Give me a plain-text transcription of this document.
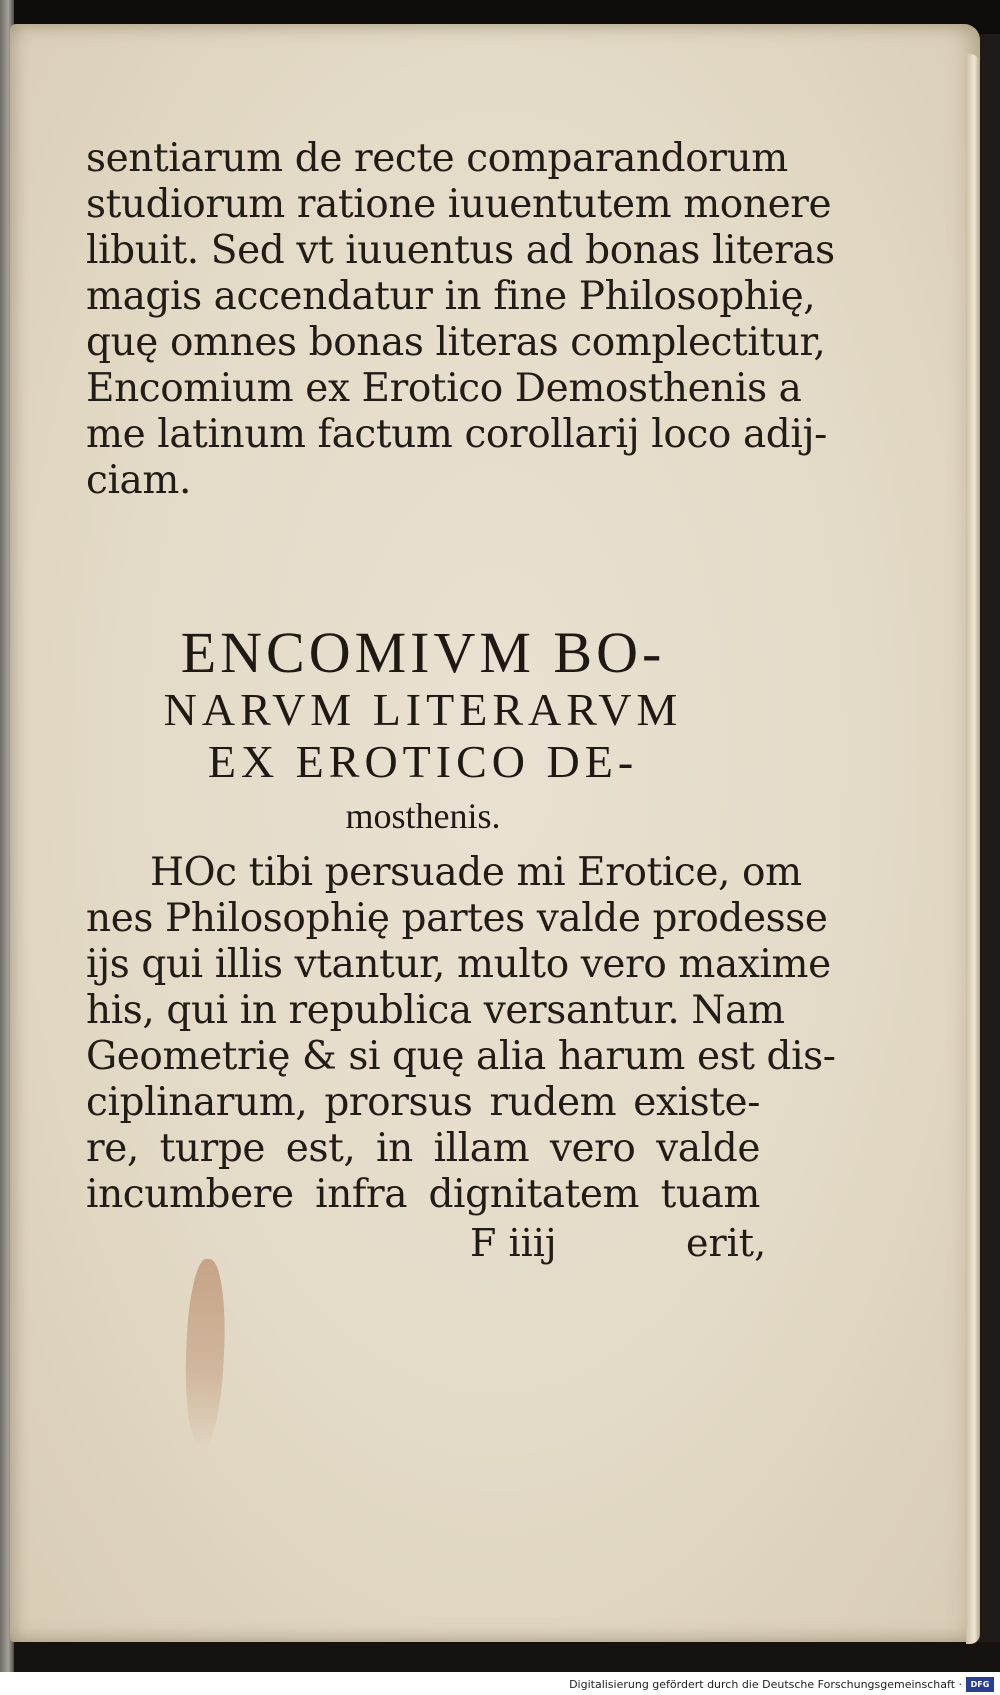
sentiarum de recte comparandorum
studiorum ratione iuuentutem monere
libuit. Sed vt iuuentus ad bonas literas
magis accendatur in fine Philosophię,
quę omnes bonas literas complectitur,
Encomium ex Erotico Demosthenis a
me latinum factum corollarij loco adij-
ciam.
ENCOMIVM BO-
NARVM LITERARVM
EX EROTICO DE-
mosthenis.
HOc tibi persuade mi Erotice, om
nes Philosophię partes valde prodesse
ijs qui illis vtantur, multo vero maxime
his, qui in republica versantur. Nam
Geometrię & si quę alia harum est dis-
ciplinarum, prorsus rudem existe-
re, turpe est, in illam vero valde
incumbere infra dignitatem tuam
F iiij	erit,
Digitalisierung gefördert durch die Deutsche Forschungsgemeinschaft ·	DFG
